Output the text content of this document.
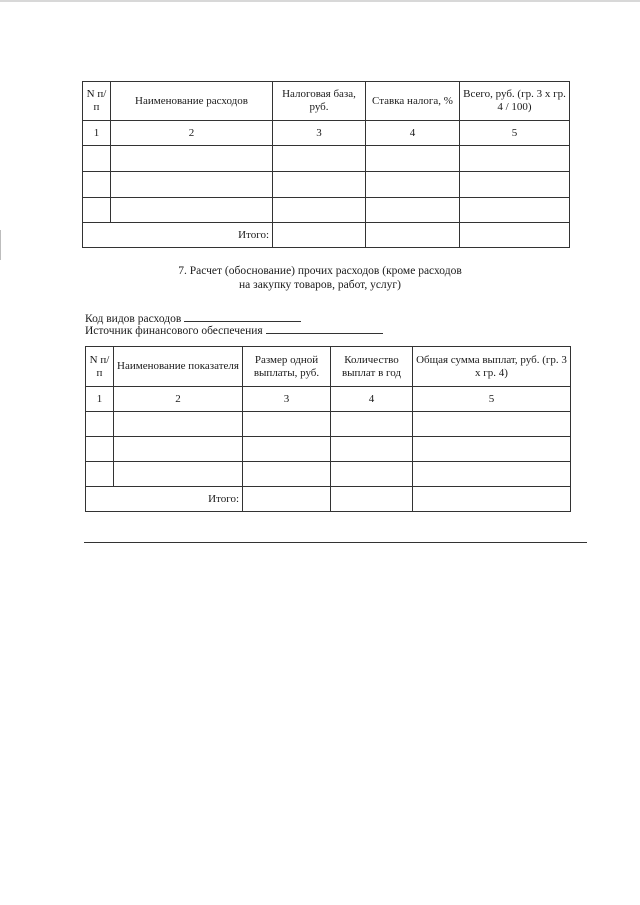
N п/п	Наименование расходов	Налоговая база, руб.	Ставка налога, %	Всего, руб. (гр. 3 x гр. 4 / 100)
1	2	3	4	5

Итого:				
7. Расчет (обоснование) прочих расходов (кроме расходов
на закупку товаров, работ, услуг)
Код видов расходов
Источник финансового обеспечения
N п/п	Наименование показателя	Размер одной выплаты, руб.	Количество выплат в год	Общая сумма выплат, руб. (гр. 3 x гр. 4)
1	2	3	4	5

Итого:				
